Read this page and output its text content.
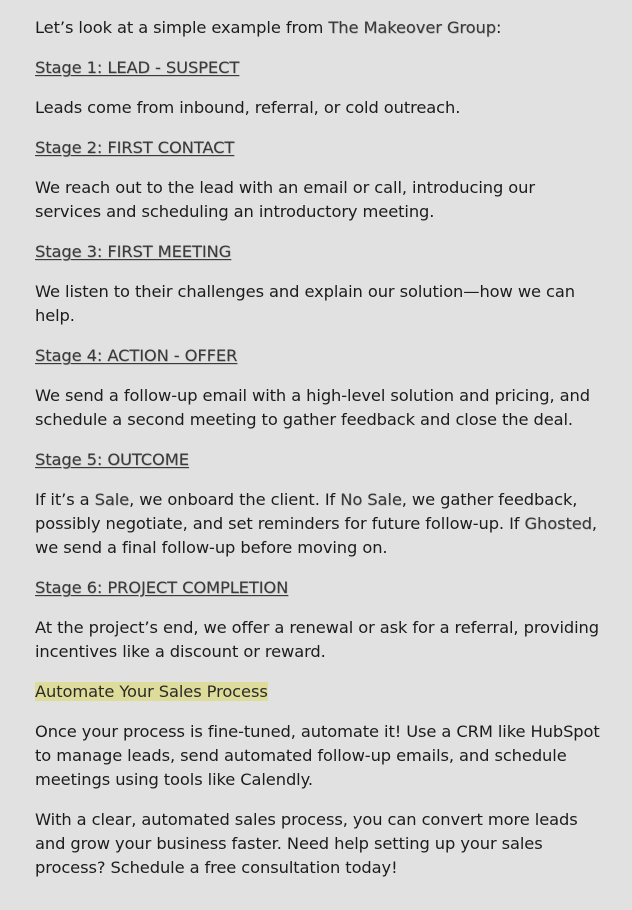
Let’s look at a simple example from The Makeover Group:

Stage 1: LEAD - SUSPECT

Leads come from inbound, referral, or cold outreach.

Stage 2: FIRST CONTACT

We reach out to the lead with an email or call, introducing our services and scheduling an introductory meeting.

Stage 3: FIRST MEETING

We listen to their challenges and explain our solution—how we can help.

Stage 4: ACTION - OFFER

We send a follow-up email with a high-level solution and pricing, and schedule a second meeting to gather feedback and close the deal.

Stage 5: OUTCOME

If it’s a Sale, we onboard the client. If No Sale, we gather feedback, possibly negotiate, and set reminders for future follow-up. If Ghosted, we send a final follow-up before moving on.

Stage 6: PROJECT COMPLETION

At the project’s end, we offer a renewal or ask for a referral, providing incentives like a discount or reward.

Automate Your Sales Process

Once your process is fine-tuned, automate it! Use a CRM like HubSpot to manage leads, send automated follow-up emails, and schedule meetings using tools like Calendly.

With a clear, automated sales process, you can convert more leads and grow your business faster. Need help setting up your sales process? Schedule a free consultation today!
